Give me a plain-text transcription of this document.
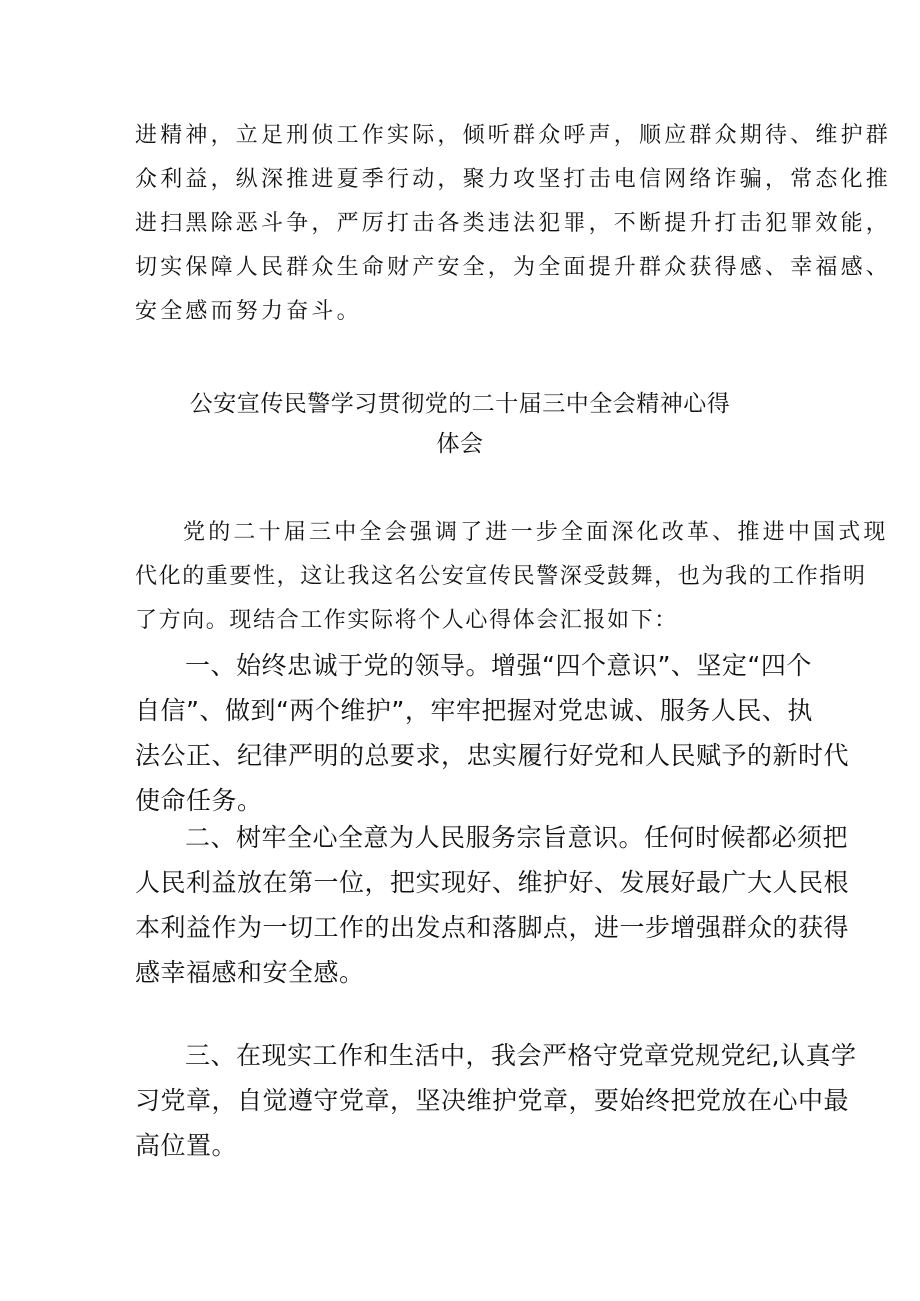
进精神，立足刑侦工作实际，倾听群众呼声，顺应群众期待、维护群
众利益，纵深推进夏季行动，聚力攻坚打击电信网络诈骗，常态化推
进扫黑除恶斗争，严厉打击各类违法犯罪，不断提升打击犯罪效能，
切实保障人民群众生命财产安全，为全面提升群众获得感、幸福感、
安全感而努力奋斗。
公安宣传民警学习贯彻党的二十届三中全会精神心得
体会
党的二十届三中全会强调了进一步全面深化改革、推进中国式现
代化的重要性，这让我这名公安宣传民警深受鼓舞，也为我的工作指明
了方向。现结合工作实际将个人心得体会汇报如下：
一、始终忠诚于党的领导。增强“四个意识”、坚定“四个
自信”、做到“两个维护”，牢牢把握对党忠诚、服务人民、执
法公正、纪律严明的总要求，忠实履行好党和人民赋予的新时代
使命任务。
二、树牢全心全意为人民服务宗旨意识。任何时候都必须把
人民利益放在第一位，把实现好、维护好、发展好最广大人民根
本利益作为一切工作的出发点和落脚点，进一步增强群众的获得
感幸福感和安全感。
三、在现实工作和生活中，我会严格守党章党规党纪,认真学
习党章，自觉遵守党章，坚决维护党章，要始终把党放在心中最
高位置。
